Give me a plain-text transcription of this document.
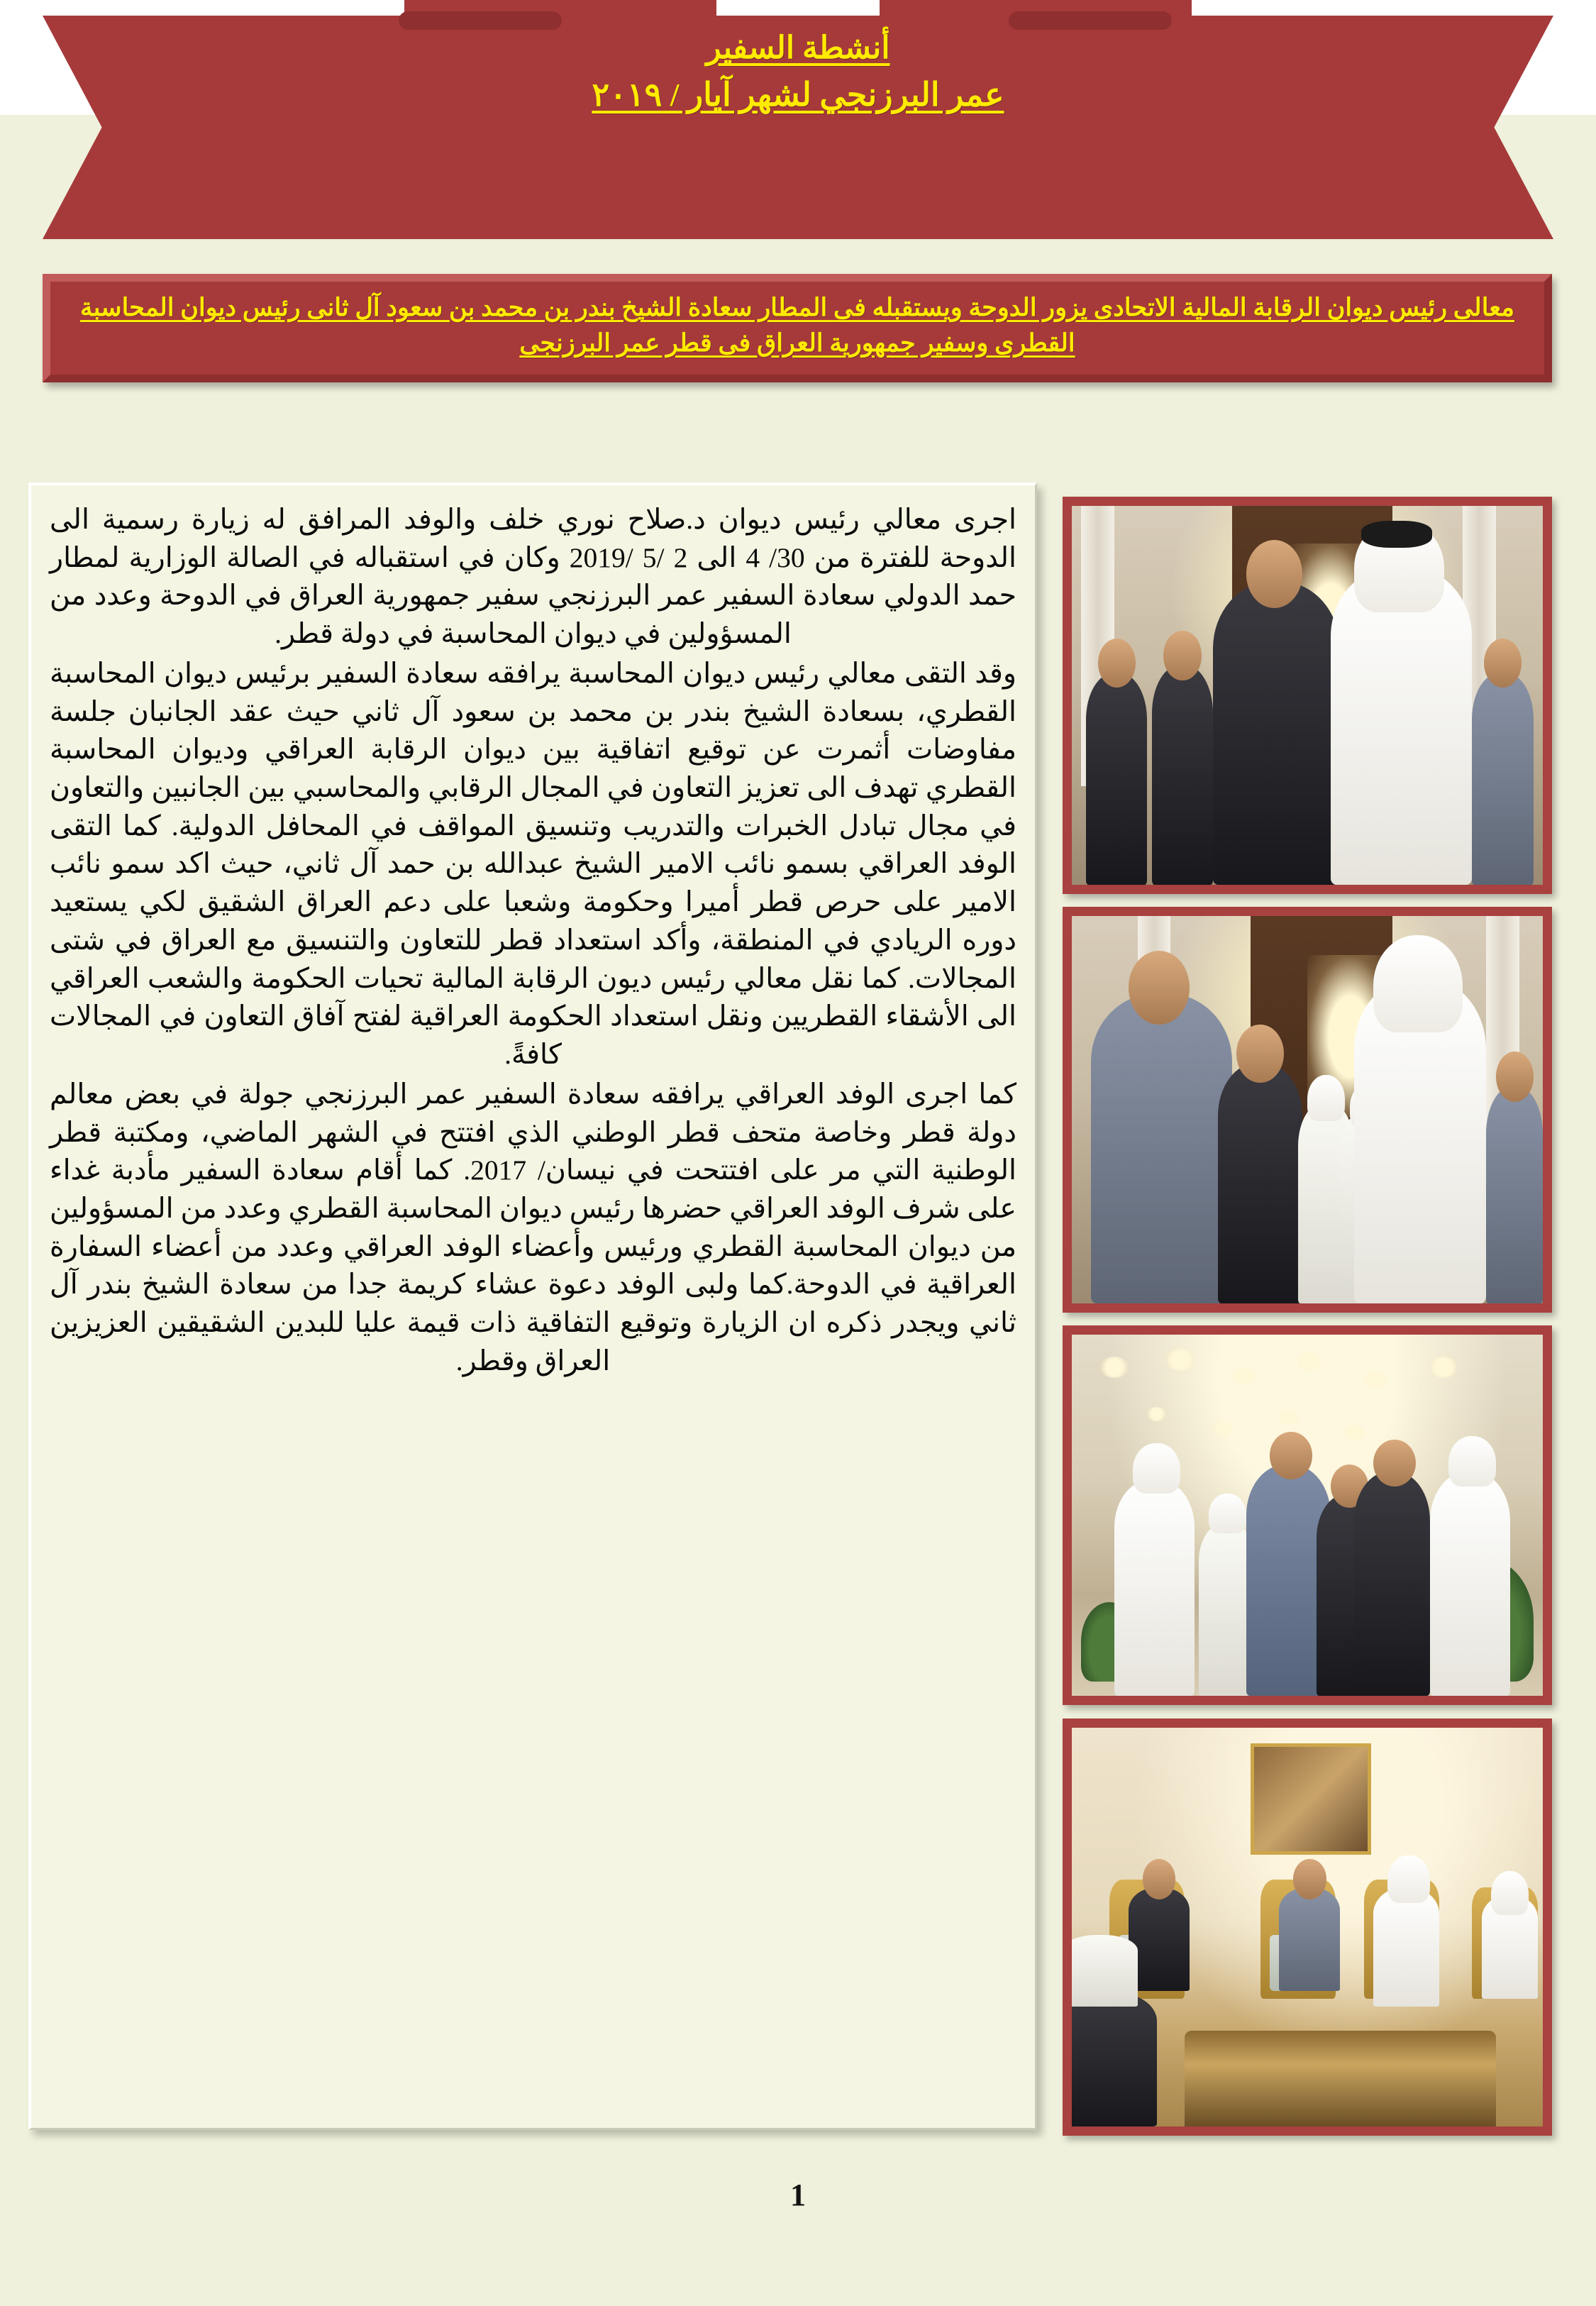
أنشطة السفير
عمر البرزنجي لشهر آيار / ٢٠١٩
معالى رئيس ديوان الرقابة المالية الاتحادى يزور الدوحة ويستقبله فى المطار سعادة الشيخ بندر بن محمد بن سعود آل ثانى رئيس ديوان المحاسبة القطرى وسفير جمهورية العراق فى قطر عمر البرزنجى

اجرى معالي رئيس ديوان د.صلاح نوري خلف والوفد المرافق له زيارة رسمية الى الدوحة للفترة من 30/ 4 الى 2 /5 /2019 وكان في استقباله في الصالة الوزارية لمطار حمد الدولي سعادة السفير عمر البرزنجي سفير جمهورية العراق في الدوحة وعدد من المسؤولين في ديوان المحاسبة في دولة قطر.

وقد التقى معالي رئيس ديوان المحاسبة يرافقه سعادة السفير برئيس ديوان المحاسبة القطري، بسعادة الشيخ بندر بن محمد بن سعود آل ثاني حيث عقد الجانبان جلسة مفاوضات أثمرت عن توقيع اتفاقية بين ديوان الرقابة العراقي وديوان المحاسبة القطري تهدف الى تعزيز التعاون في المجال الرقابي والمحاسبي بين الجانبين والتعاون في مجال تبادل الخبرات والتدريب وتنسيق المواقف في المحافل الدولية. كما التقى الوفد العراقي بسمو نائب الامير الشيخ عبدالله بن حمد آل ثاني، حيث اكد سمو نائب الامير على حرص قطر أميرا وحكومة وشعبا على دعم العراق الشقيق لكي يستعيد دوره الريادي في المنطقة، وأكد استعداد قطر للتعاون والتنسيق مع العراق في شتى المجالات. كما نقل معالي رئيس ديون الرقابة المالية تحيات الحكومة والشعب العراقي الى الأشقاء القطريين ونقل استعداد الحكومة العراقية لفتح آفاق التعاون في المجالات كافةً.

كما اجرى الوفد العراقي يرافقه سعادة السفير عمر البرزنجي جولة في بعض معالم دولة قطر وخاصة متحف قطر الوطني الذي افتتح في الشهر الماضي، ومكتبة قطر الوطنية التي مر على افتتحت في نيسان/ 2017. كما أقام سعادة السفير مأدبة غداء على شرف الوفد العراقي حضرها رئيس ديوان المحاسبة القطري وعدد من المسؤولين من ديوان المحاسبة القطري ورئيس وأعضاء الوفد العراقي وعدد من أعضاء السفارة العراقية في الدوحة.كما ولبى الوفد دعوة عشاء كريمة جدا من سعادة الشيخ بندر آل ثاني ويجدر ذكره ان الزيارة وتوقيع التفاقية ذات قيمة عليا للبدين الشقيقين العزيزين العراق وقطر.

1
